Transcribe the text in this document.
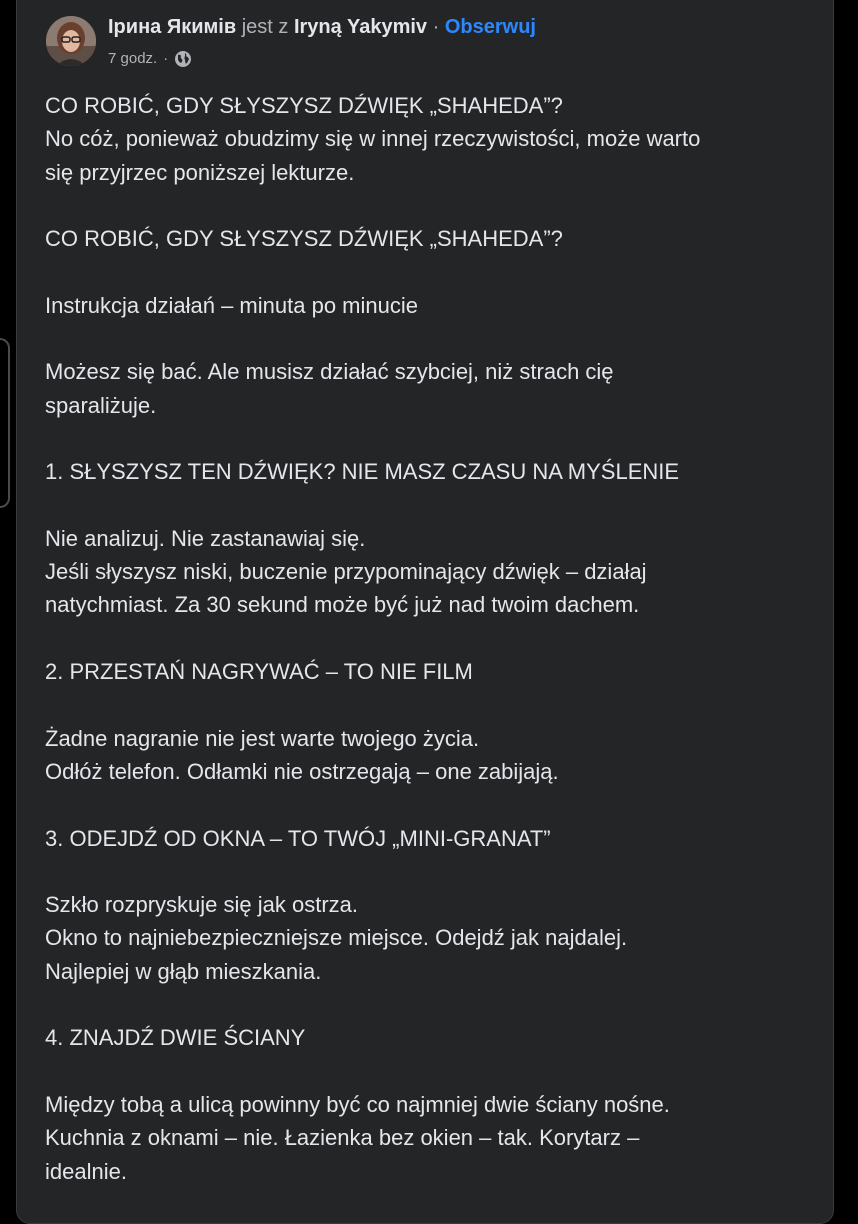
Ірина Якимів jest z Iryną Yakymiv · Obserwuj
7 godz. ·

CO ROBIĆ, GDY SŁYSZYSZ DŹWIĘK „SHAHEDA”?

No cóż, ponieważ obudzimy się w innej rzeczywistości, może warto

się przyjrzec poniższej lekturze.

CO ROBIĆ, GDY SŁYSZYSZ DŹWIĘK „SHAHEDA”?

Instrukcja działań – minuta po minucie

Możesz się bać. Ale musisz działać szybciej, niż strach cię

sparaliżuje.

1. SŁYSZYSZ TEN DŹWIĘK? NIE MASZ CZASU NA MYŚLENIE

Nie analizuj. Nie zastanawiaj się.

Jeśli słyszysz niski, buczenie przypominający dźwięk – działaj

natychmiast. Za 30 sekund może być już nad twoim dachem.

2. PRZESTAŃ NAGRYWAĆ – TO NIE FILM

Żadne nagranie nie jest warte twojego życia.

Odłóż telefon. Odłamki nie ostrzegają – one zabijają.

3. ODEJDŹ OD OKNA – TO TWÓJ „MINI-GRANAT”

Szkło rozpryskuje się jak ostrza.

Okno to najniebezpieczniejsze miejsce. Odejdź jak najdalej.

Najlepiej w głąb mieszkania.

4. ZNAJDŹ DWIE ŚCIANY

Między tobą a ulicą powinny być co najmniej dwie ściany nośne.

Kuchnia z oknami – nie. Łazienka bez okien – tak. Korytarz –

idealnie.
